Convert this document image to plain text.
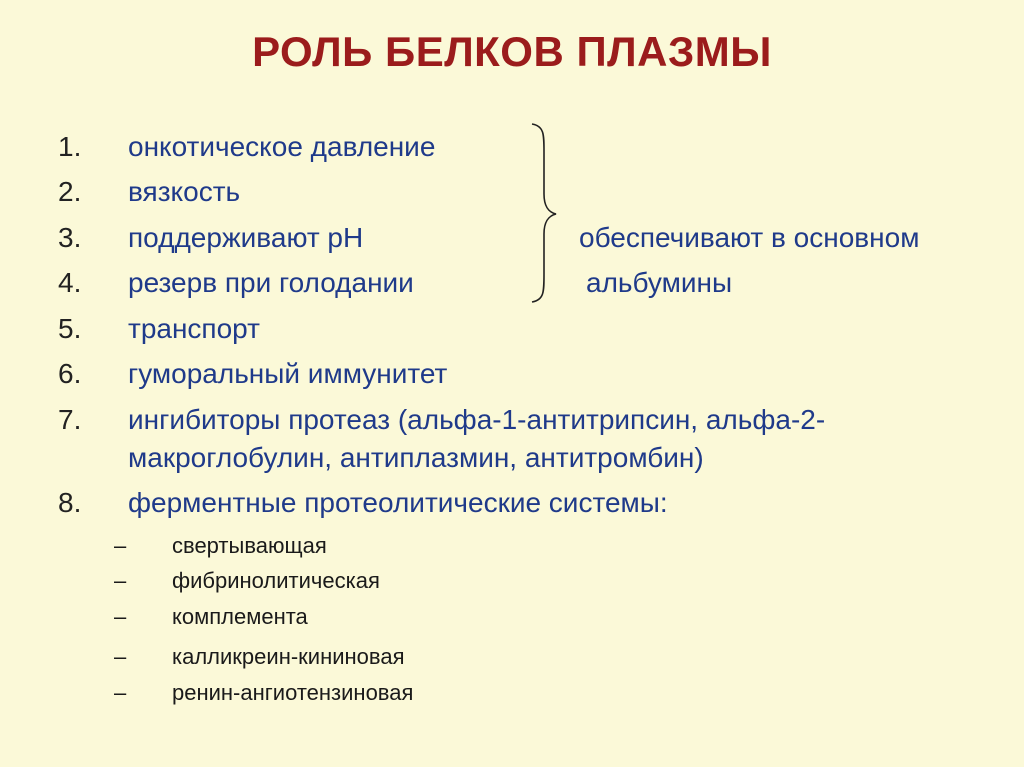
РОЛЬ БЕЛКОВ ПЛАЗМЫ
1. онкотическое давление
2. вязкость
3. поддерживают pH
4. резерв при голодании
5. транспорт
6. гуморальный иммунитет
7. ингибиторы протеаз (альфа-1-антитрипсин, альфа-2-
макроглобулин, антиплазмин, антитромбин)
8. ферментные протеолитические системы:
– свертывающая
– фибринолитическая
– комплемента
– калликреин-кининовая
– ренин-ангиотензиновая
обеспечивают в основном
альбумины
